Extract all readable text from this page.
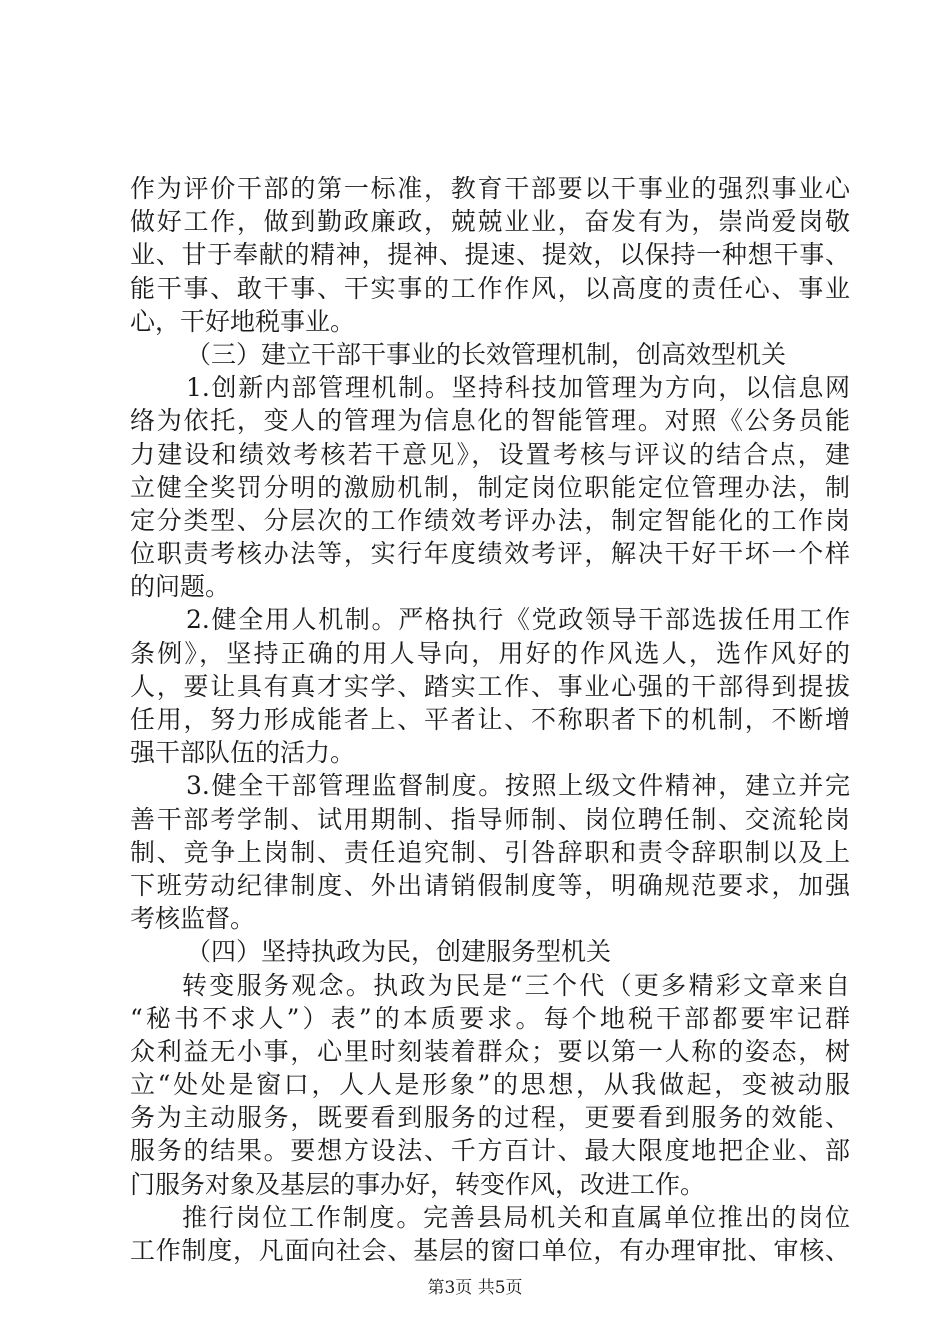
作为评价干部的第一标准，教育干部要以干事业的强烈事业心
做好工作，做到勤政廉政，兢兢业业，奋发有为，崇尚爱岗敬
业、甘于奉献的精神，提神、提速、提效，以保持一种想干事、
能干事、敢干事、干实事的工作作风，以高度的责任心、事业
心，干好地税事业。
（三）建立干部干事业的长效管理机制，创高效型机关
1.创新内部管理机制。坚持科技加管理为方向，以信息网
络为依托，变人的管理为信息化的智能管理。对照《公务员能
力建设和绩效考核若干意见》，设置考核与评议的结合点，建
立健全奖罚分明的激励机制，制定岗位职能定位管理办法，制
定分类型、分层次的工作绩效考评办法，制定智能化的工作岗
位职责考核办法等，实行年度绩效考评，解决干好干坏一个样
的问题。
2.健全用人机制。严格执行《党政领导干部选拔任用工作
条例》，坚持正确的用人导向，用好的作风选人，选作风好的
人，要让具有真才实学、踏实工作、事业心强的干部得到提拔
任用，努力形成能者上、平者让、不称职者下的机制，不断增
强干部队伍的活力。
3.健全干部管理监督制度。按照上级文件精神，建立并完
善干部考学制、试用期制、指导师制、岗位聘任制、交流轮岗
制、竞争上岗制、责任追究制、引咎辞职和责令辞职制以及上
下班劳动纪律制度、外出请销假制度等，明确规范要求，加强
考核监督。
（四）坚持执政为民，创建服务型机关
转变服务观念。执政为民是“三个代（更多精彩文章来自
“秘书不求人”）表”的本质要求。每个地税干部都要牢记群
众利益无小事，心里时刻装着群众；要以第一人称的姿态，树
立“处处是窗口，人人是形象”的思想，从我做起，变被动服
务为主动服务，既要看到服务的过程，更要看到服务的效能、
服务的结果。要想方设法、千方百计、最大限度地把企业、部
门服务对象及基层的事办好，转变作风，改进工作。
推行岗位工作制度。完善县局机关和直属单位推出的岗位
工作制度，凡面向社会、基层的窗口单位，有办理审批、审核、
第3页 共5页
